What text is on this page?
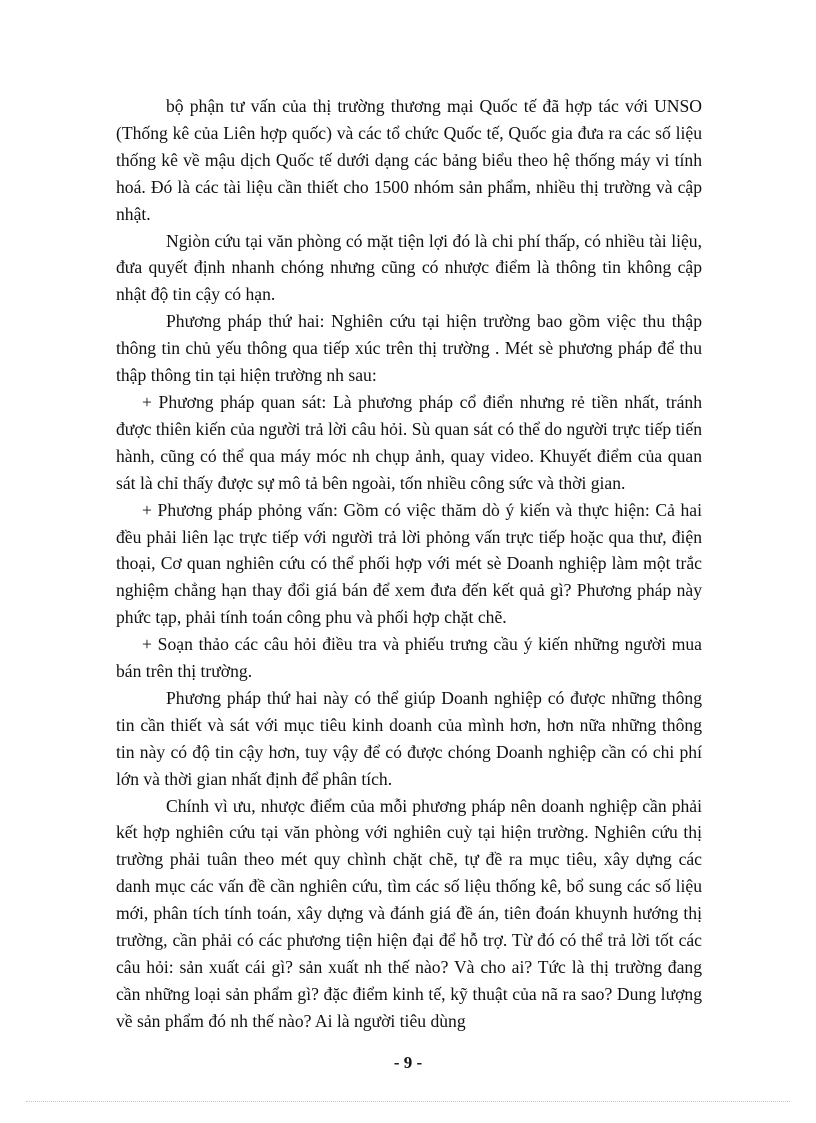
bộ phận tư vấn của thị trường thương mại Quốc tế đã hợp tác với UNSO (Thống kê của Liên hợp quốc) và các tổ chức Quốc tế, Quốc gia đưa ra các số liệu thống kê về mậu dịch Quốc tế dưới dạng các bảng biểu theo hệ thống máy vi tính hoá. Đó là các tài liệu cần thiết cho 1500 nhóm sản phẩm, nhiều thị trường và cập nhật.

Ngiòn cứu tại văn phòng có mặt tiện lợi đó là chi phí thấp, có nhiều tài liệu, đưa quyết định nhanh chóng nhưng cũng có nhược điểm là thông tin không cập nhật độ tin cậy có hạn.

Phương pháp thứ hai: Nghiên cứu tại hiện trường bao gồm việc thu thập thông tin chủ yếu thông qua tiếp xúc trên thị trường . Mét sè phương pháp để thu thập thông tin tại hiện trường nh sau:

+ Phương pháp quan sát: Là phương pháp cổ điển nhưng rẻ tiền nhất, tránh được thiên kiến của người trả lời câu hỏi. Sù quan sát có thể do người trực tiếp tiến hành, cũng có thể qua máy móc nh chụp ảnh, quay video. Khuyết điểm của quan sát là chỉ thấy được sự mô tả bên ngoài, tốn nhiều công sức và thời gian.

+ Phương pháp phỏng vấn: Gồm có việc thăm dò ý kiến và thực hiện: Cả hai đều phải liên lạc trực tiếp với người trả lời phỏng vấn trực tiếp hoặc qua thư, điện thoại, Cơ quan nghiên cứu có thể phối hợp với mét sè Doanh nghiệp làm một trắc nghiệm chẳng hạn thay đổi giá bán để xem đưa đến kết quả gì? Phương pháp này phức tạp, phải tính toán công phu và phối hợp chặt chẽ.

+ Soạn thảo các câu hỏi điều tra và phiếu trưng cầu ý kiến những người mua bán trên thị trường.

Phương pháp thứ hai này có thể giúp Doanh nghiệp có được những thông tin cần thiết và sát với mục tiêu kinh doanh của mình hơn, hơn nữa những thông tin này có độ tin cậy hơn, tuy vậy để có được chóng Doanh nghiệp cần có chi phí lớn và thời gian nhất định để phân tích.

Chính vì ưu, nhược điểm của mỗi phương pháp nên doanh nghiệp cần phải kết hợp nghiên cứu tại văn phòng với nghiên cuỳ tại hiện trường. Nghiên cứu thị trường phải tuân theo mét quy chình chặt chẽ, tự đề ra mục tiêu, xây dựng các danh mục các vấn đề cần nghiên cứu, tìm các số liệu thống kê, bổ sung các số liệu mới, phân tích tính toán, xây dựng và đánh giá đề án, tiên đoán khuynh hướng thị trường, cần phải có các phương tiện hiện đại để hỗ trợ. Từ đó có thể trả lời tốt các câu hỏi: sản xuất cái gì? sản xuất nh thế nào? Và cho ai? Tức là thị trường đang cần những loại sản phẩm gì? đặc điểm kinh tế, kỹ thuật của nã ra sao? Dung lượng về sản phẩm đó nh thế nào? Ai là người tiêu dùng

- 9 -
